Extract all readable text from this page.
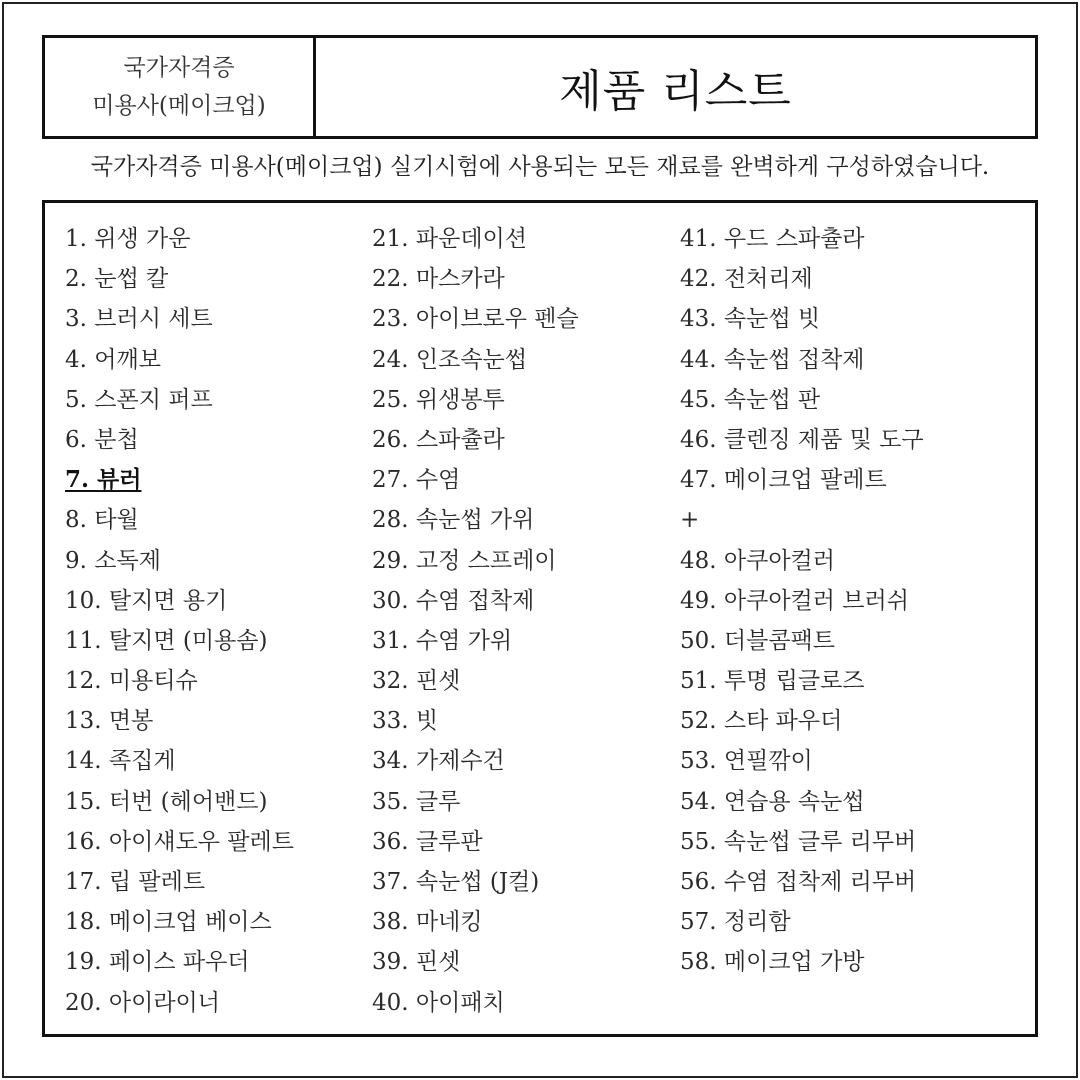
국가자격증
미용사(메이크업)	제품 리스트
국가자격증 미용사(메이크업) 실기시험에 사용되는 모든 재료를 완벽하게 구성하였습니다.
1. 위생 가운
2. 눈썹 칼
3. 브러시 세트
4. 어깨보
5. 스폰지 퍼프
6. 분첩
7. 뷰러
8. 타월
9. 소독제
10. 탈지면 용기
11. 탈지면 (미용솜)
12. 미용티슈
13. 면봉
14. 족집게
15. 터번 (헤어밴드)
16. 아이섀도우 팔레트
17. 립 팔레트
18. 메이크업 베이스
19. 페이스 파우더
20. 아이라이너
21. 파운데이션
22. 마스카라
23. 아이브로우 펜슬
24. 인조속눈썹
25. 위생봉투
26. 스파츌라
27. 수염
28. 속눈썹 가위
29. 고정 스프레이
30. 수염 접착제
31. 수염 가위
32. 핀셋
33. 빗
34. 가제수건
35. 글루
36. 글루판
37. 속눈썹 (J컬)
38. 마네킹
39. 핀셋
40. 아이패치
41. 우드 스파츌라
42. 전처리제
43. 속눈썹 빗
44. 속눈썹 접착제
45. 속눈썹 판
46. 클렌징 제품 및 도구
47. 메이크업 팔레트
+
48. 아쿠아컬러
49. 아쿠아컬러 브러쉬
50. 더블콤팩트
51. 투명 립글로즈
52. 스타 파우더
53. 연필깎이
54. 연습용 속눈썹
55. 속눈썹 글루 리무버
56. 수염 접착제 리무버
57. 정리함
58. 메이크업 가방
